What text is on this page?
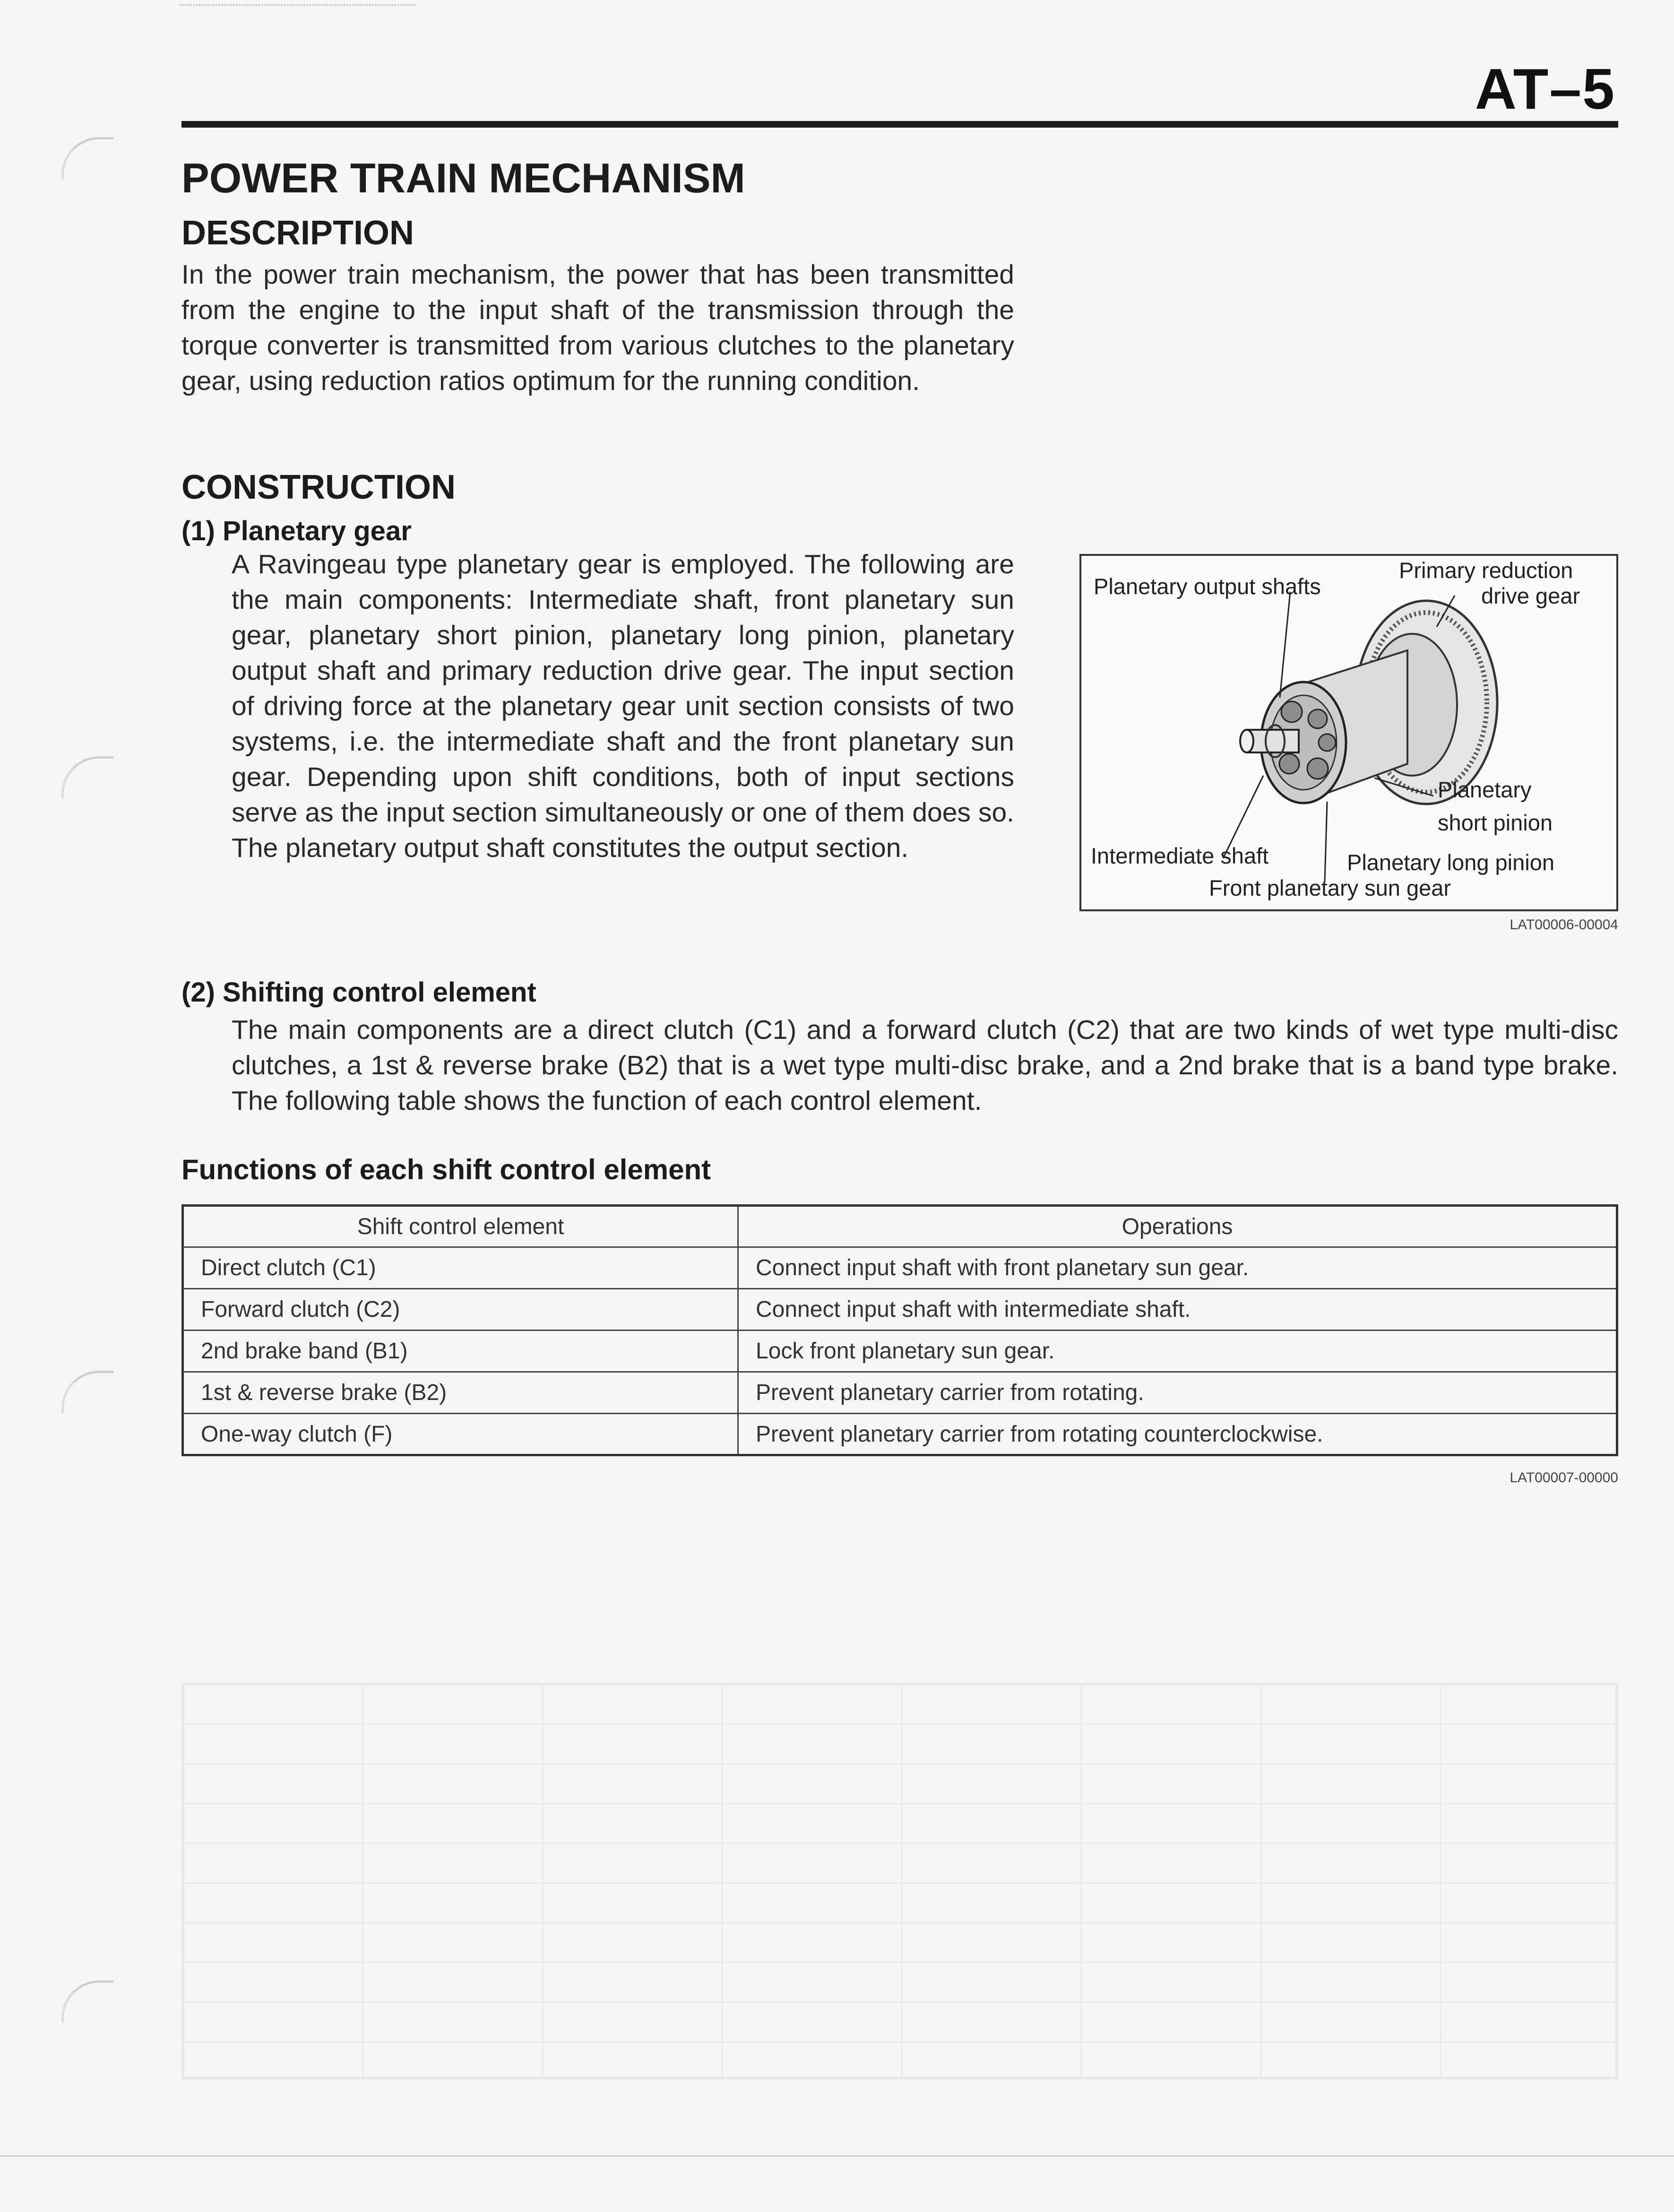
AT–5
POWER TRAIN MECHANISM
DESCRIPTION
In the power train mechanism, the power that has been transmitted from the engine to the input shaft of the transmission through the torque converter is transmitted from various clutches to the planetary gear, using reduction ratios optimum for the running condition.
CONSTRUCTION
(1) Planetary gear
A Ravingeau type planetary gear is employed. The following are the main components: Intermediate shaft, front planetary sun gear, planetary short pinion, planetary long pinion, planetary output shaft and primary reduction drive gear. The input section of driving force at the planetary gear unit section consists of two systems, i.e. the intermediate shaft and the front planetary sun gear. Depending upon shift conditions, both of input sections serve as the input section simultaneously or one of them does so. The planetary output shaft constitutes the output section.
Planetary output shafts
Primary reduction
drive gear
Planetary
short pinion
Intermediate shaft	Planetary long pinion
Front planetary sun gear
LAT00006-00004
(2) Shifting control element
The main components are a direct clutch (C1) and a forward clutch (C2) that are two kinds of wet type multi-disc clutches, a 1st & reverse brake (B2) that is a wet type multi-disc brake, and a 2nd brake that is a band type brake. The following table shows the function of each control element.
Functions of each shift control element
Shift control element	Operations
Direct clutch (C1)	Connect input shaft with front planetary sun gear.
Forward clutch (C2)	Connect input shaft with intermediate shaft.
2nd brake band (B1)	Lock front planetary sun gear.
1st & reverse brake (B2)	Prevent planetary carrier from rotating.
One-way clutch (F)	Prevent planetary carrier from rotating counterclockwise.
LAT00007-00000
